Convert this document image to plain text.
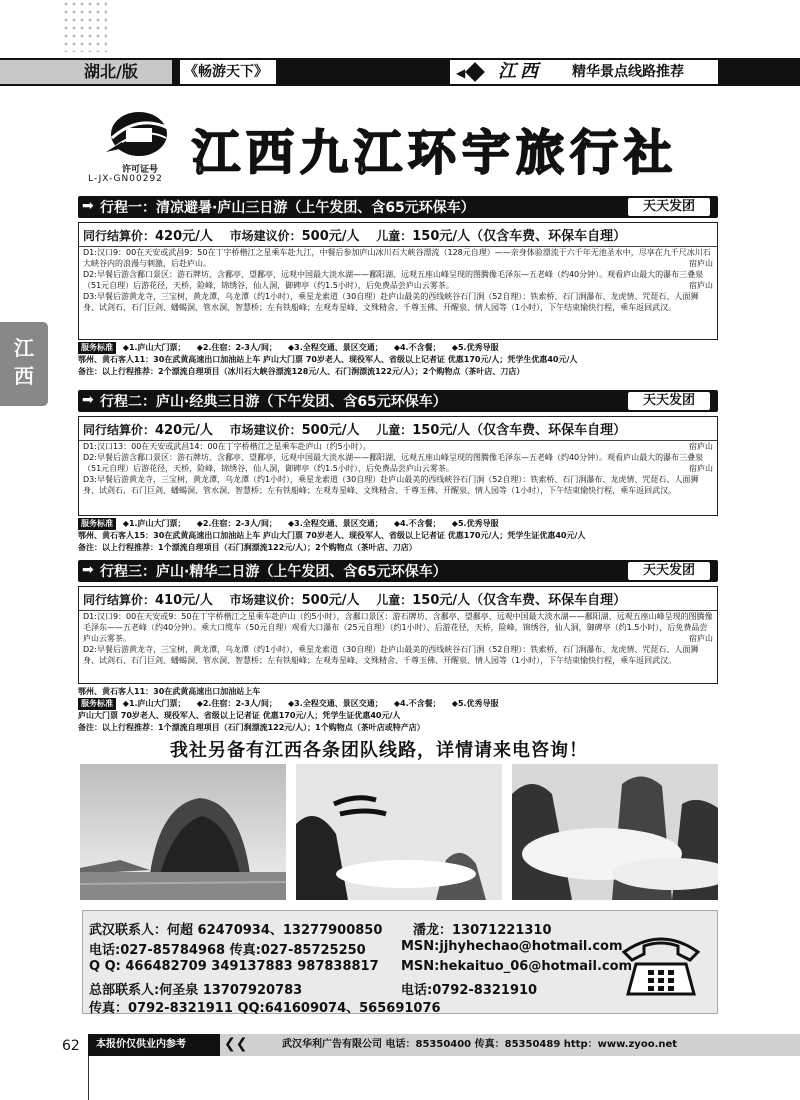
湖北/版	《畅游天下》	◀ 江西 精华景点线路推荐
江西
许可证号
L-JX-GN00292 江西九江环宇旅行社
➡ 行程一：清凉避暑·庐山三日游（上午发团、含65元环保车）	天天发团
同行结算价：420元/人 市场建议价：500元/人 儿童：150元/人（仅含车费、环保车自理）
D1:汉口9：00在天安或武昌9：50在丁字桥楷江之星乘车赴九江，中餐后参加庐山冰川石大峡谷漂流（128元自理）——亲身体验漂流于六千年无池圣水中，尽享在九千尺冰川石大峡谷内的浪漫与刺激，后赴庐山。	宿庐山
D2:早餐后游含鄱口景区：游石牌坊、含鄱亭、望鄱亭，远观中国最大淡水湖——鄱阳湖、远观五座山峰呈现的图腾像毛泽东—五老峰（约40分钟）。观看庐山最大的瀑布三叠泉（51元自理）后游花径，天桥，险峰，锦绣谷，仙人洞，御碑亭（约1.5小时），后免费品尝庐山云雾茶。	宿庐山
D3:早餐后游黄龙寺，三宝树，黄龙潭，乌龙潭（约1小时），乘星龙索道（30自理）赴庐山最美的西线峡谷石门涧（52自理）：铁索桥、石门涧瀑布、龙虎情、咒琵石、人面狮身、试剑石、石门巨剑、蟠蝎洞、管水洞、智慧桥；左有铁船峰；左观寿星峰、文殊精舍、千尊玉佛、开醒泉、情人园等（1小时），下午结束愉快行程，乘车返回武汉。
服务标准 ◆1.庐山大门票； ◆2.住宿：2-3人/间； ◆3.全程交通、景区交通； ◆4.不含餐； ◆5.优秀导服
鄂州、黄石客人11：30在武黄高速出口加油站上车 庐山大门票 70岁老人、现役军人、省级以上记者证 优惠170元/人；凭学生优惠40元/人
备注：以上行程推荐：2个漂流自理项目（冰川石大峡谷漂流128元/人、石门涧漂流122元/人）；2个购物点（茶叶店、刀店）
➡ 行程二：庐山·经典三日游（下午发团、含65元环保车）	天天发团
同行结算价：420元/人 市场建议价：500元/人 儿童：150元/人（仅含车费、环保车自理）
D1:汉口13：00在天安或武昌14：00在丁字桥楷江之星乘车赴庐山（约5小时）。	宿庐山
D2:早餐后游含鄱口景区：游石牌坊、含鄱亭、望鄱亭，远观中国最大淡水湖——鄱阳湖、远观五座山峰呈现的图腾像毛泽东—五老峰（约40分钟）。观看庐山最大的瀑布三叠泉（51元自理）后游花径，天桥，险峰，锦绣谷，仙人洞，御碑亭（约1.5小时），后免费品尝庐山云雾茶。	宿庐山
D3:早餐后游黄龙寺，三宝树，黄龙潭，乌龙潭（约1小时），乘星龙索道（30自理）赴庐山最美的西线峡谷石门涧（52自理）：铁索桥、石门涧瀑布、龙虎情、咒琵石、人面狮身、试剑石、石门巨剑、蟠蝎洞、管水洞、智慧桥；左有铁船峰；左观寿星峰、文殊精舍、千尊玉佛、开醒泉、情人园等（1小时），下午结束愉快行程，乘车返回武汉。
服务标准 ◆1.庐山大门票； ◆2.住宿：2-3人/间； ◆3.全程交通、景区交通； ◆4.不含餐； ◆5.优秀导服
鄂州、黄石客人15：30在武黄高速出口加油站上车 庐山大门票 70岁老人、现役军人、省级以上记者证 优惠170元/人；凭学生证优惠40元/人
备注：以上行程推荐：1个漂流自理项目（石门涧漂流122元/人）；2个购物点（茶叶店、刀店）
➡ 行程三：庐山·精华二日游（上午发团、含65元环保车）	天天发团
同行结算价：410元/人 市场建议价：500元/人 儿童：150元/人（仅含车费、环保车自理）
D1:汉口9：00在天安或9：50在丁字桥楷江之星乘车赴庐山（约5小时），含鄱口景区：游石牌坊、含鄱亭、望鄱亭、远观中国最大淡水湖——鄱阳湖、远观五座山峰呈现的图腾像毛泽东——五老峰（约40分钟）。乘大口缆车（50元自理）观看大口瀑布（25元自理）（约1小时）、后游花径，天桥，险峰，锦绣谷，仙人洞，御碑亭（约1.5小时），后免费品尝庐山云雾茶。	宿庐山
D2:早餐后游黄龙寺，三宝树，黄龙潭，乌龙潭（约1小时），乘星龙索道（30自理）赴庐山最美的西线峡谷石门涧（52自理）：铁索桥、石门涧瀑布、龙虎情、咒琵石、人面狮身、试剑石、石门巨剑、蟠蝎洞、管水洞、智慧桥；左有铁船峰；左观寿星峰、文殊精舍、千尊玉佛、开醒泉、情人园等（1小时），下午结束愉快行程，乘车返回武汉。
鄂州、黄石客人11：30在武黄高速出口加油站上车
服务标准 ◆1.庐山大门票； ◆2.住宿：2-3人/间； ◆3.全程交通、景区交通； ◆4.不含餐； ◆5.优秀导服
庐山大门票 70岁老人、现役军人、省级以上记者证 优惠170元/人；凭学生证优惠40元/人
备注：以上行程推荐：1个漂流自理项目（石门涧漂流122元/人）；1个购物点（茶叶店或特产店）
我社另备有江西各条团队线路，详情请来电咨询！
武汉联系人：何超 62470934、13277900850 潘龙：13071221310
电话:027-85784968 传真:027-85725250	MSN:jjhyhechao@hotmail.com
Q Q: 466482709 349137883 987838817 MSN:hekaituo_06@hotmail.com
总部联系人:何圣泉 13707920783	电话:0792-8321910
传真：0792-8321911 QQ:641609074、565691076
62	本报价仅供业内参考	❮❮	武汉华利广告有限公司 电话：85350400 传真：85350489 http：www.zyoo.net
